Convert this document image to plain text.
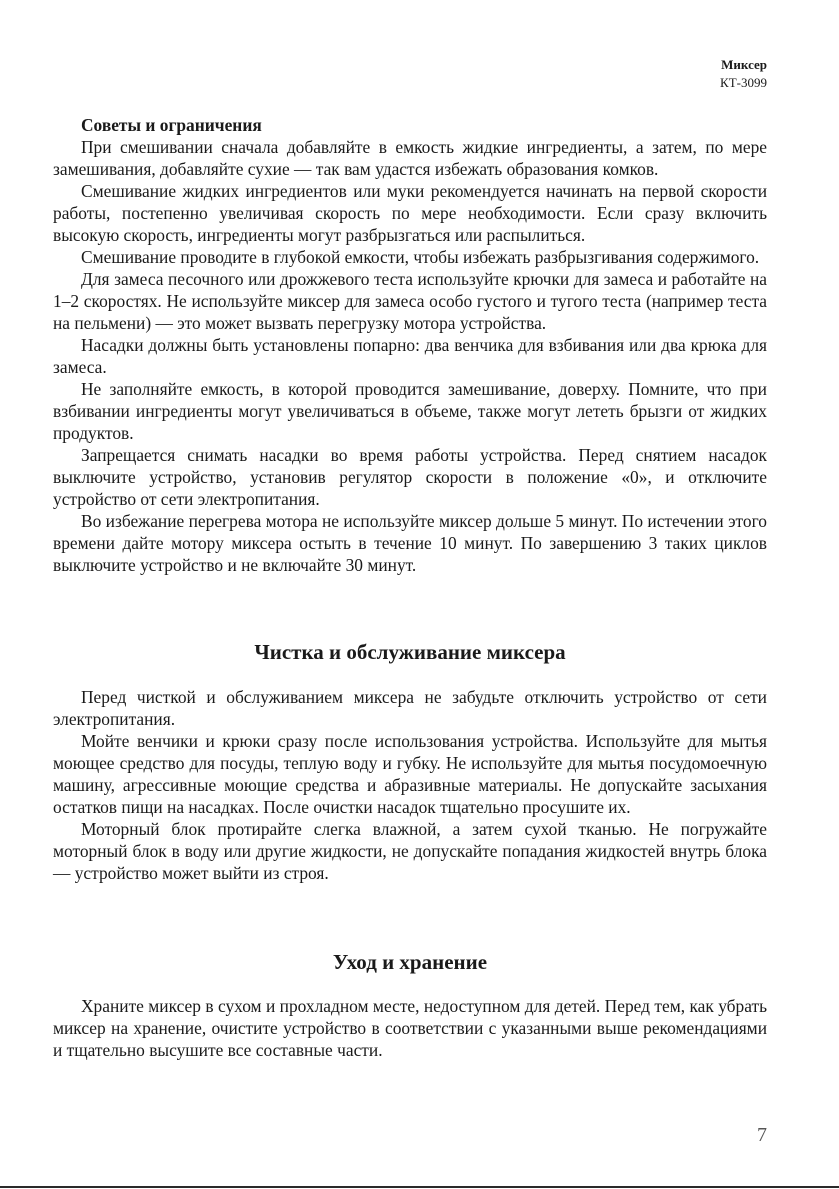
Миксер
КТ-3099
Советы и ограничения

При смешивании сначала добавляйте в емкость жидкие ингредиенты, а затем, по мере замешивания, добавляйте сухие — так вам удастся избежать образования комков.

Смешивание жидких ингредиентов или муки рекомендуется начинать на первой скорости работы, постепенно увеличивая скорость по мере необходимости. Если сразу включить высокую скорость, ингредиенты могут разбрызгаться или распылиться.

Смешивание проводите в глубокой емкости, чтобы избежать разбрызгивания содержимого.

Для замеса песочного или дрожжевого теста используйте крючки для замеса и работайте на 1–2 скоростях. Не используйте миксер для замеса особо густого и тугого теста (например теста на пельмени) — это может вызвать перегрузку мотора устройства.

Насадки должны быть установлены попарно: два венчика для взбивания или два крюка для замеса.

Не заполняйте емкость, в которой проводится замешивание, доверху. Помните, что при взбивании ингредиенты могут увеличиваться в объеме, также могут лететь брызги от жидких продуктов.

Запрещается снимать насадки во время работы устройства. Перед снятием насадок выключите устройство, установив регулятор скорости в положение «0», и отключите устройство от сети электропитания.

Во избежание перегрева мотора не используйте миксер дольше 5 минут. По истечении этого времени дайте мотору миксера остыть в течение 10 минут. По завершению 3 таких циклов выключите устройство и не включайте 30 минут.

Чистка и обслуживание миксера

Перед чисткой и обслуживанием миксера не забудьте отключить устройство от сети электропитания.

Мойте венчики и крюки сразу после использования устройства. Используйте для мытья моющее средство для посуды, теплую воду и губку. Не используйте для мытья посудомоечную машину, агрессивные моющие средства и абразивные материалы. Не допускайте засыхания остатков пищи на насадках. После очистки насадок тщательно просушите их.

Моторный блок протирайте слегка влажной, а затем сухой тканью. Не погружайте моторный блок в воду или другие жидкости, не допускайте попадания жидкостей внутрь блока — устройство может выйти из строя.

Уход и хранение

Храните миксер в сухом и прохладном месте, недоступном для детей. Перед тем, как убрать миксер на хранение, очистите устройство в соответствии с указанными выше рекомендациями и тщательно высушите все составные части.

7
